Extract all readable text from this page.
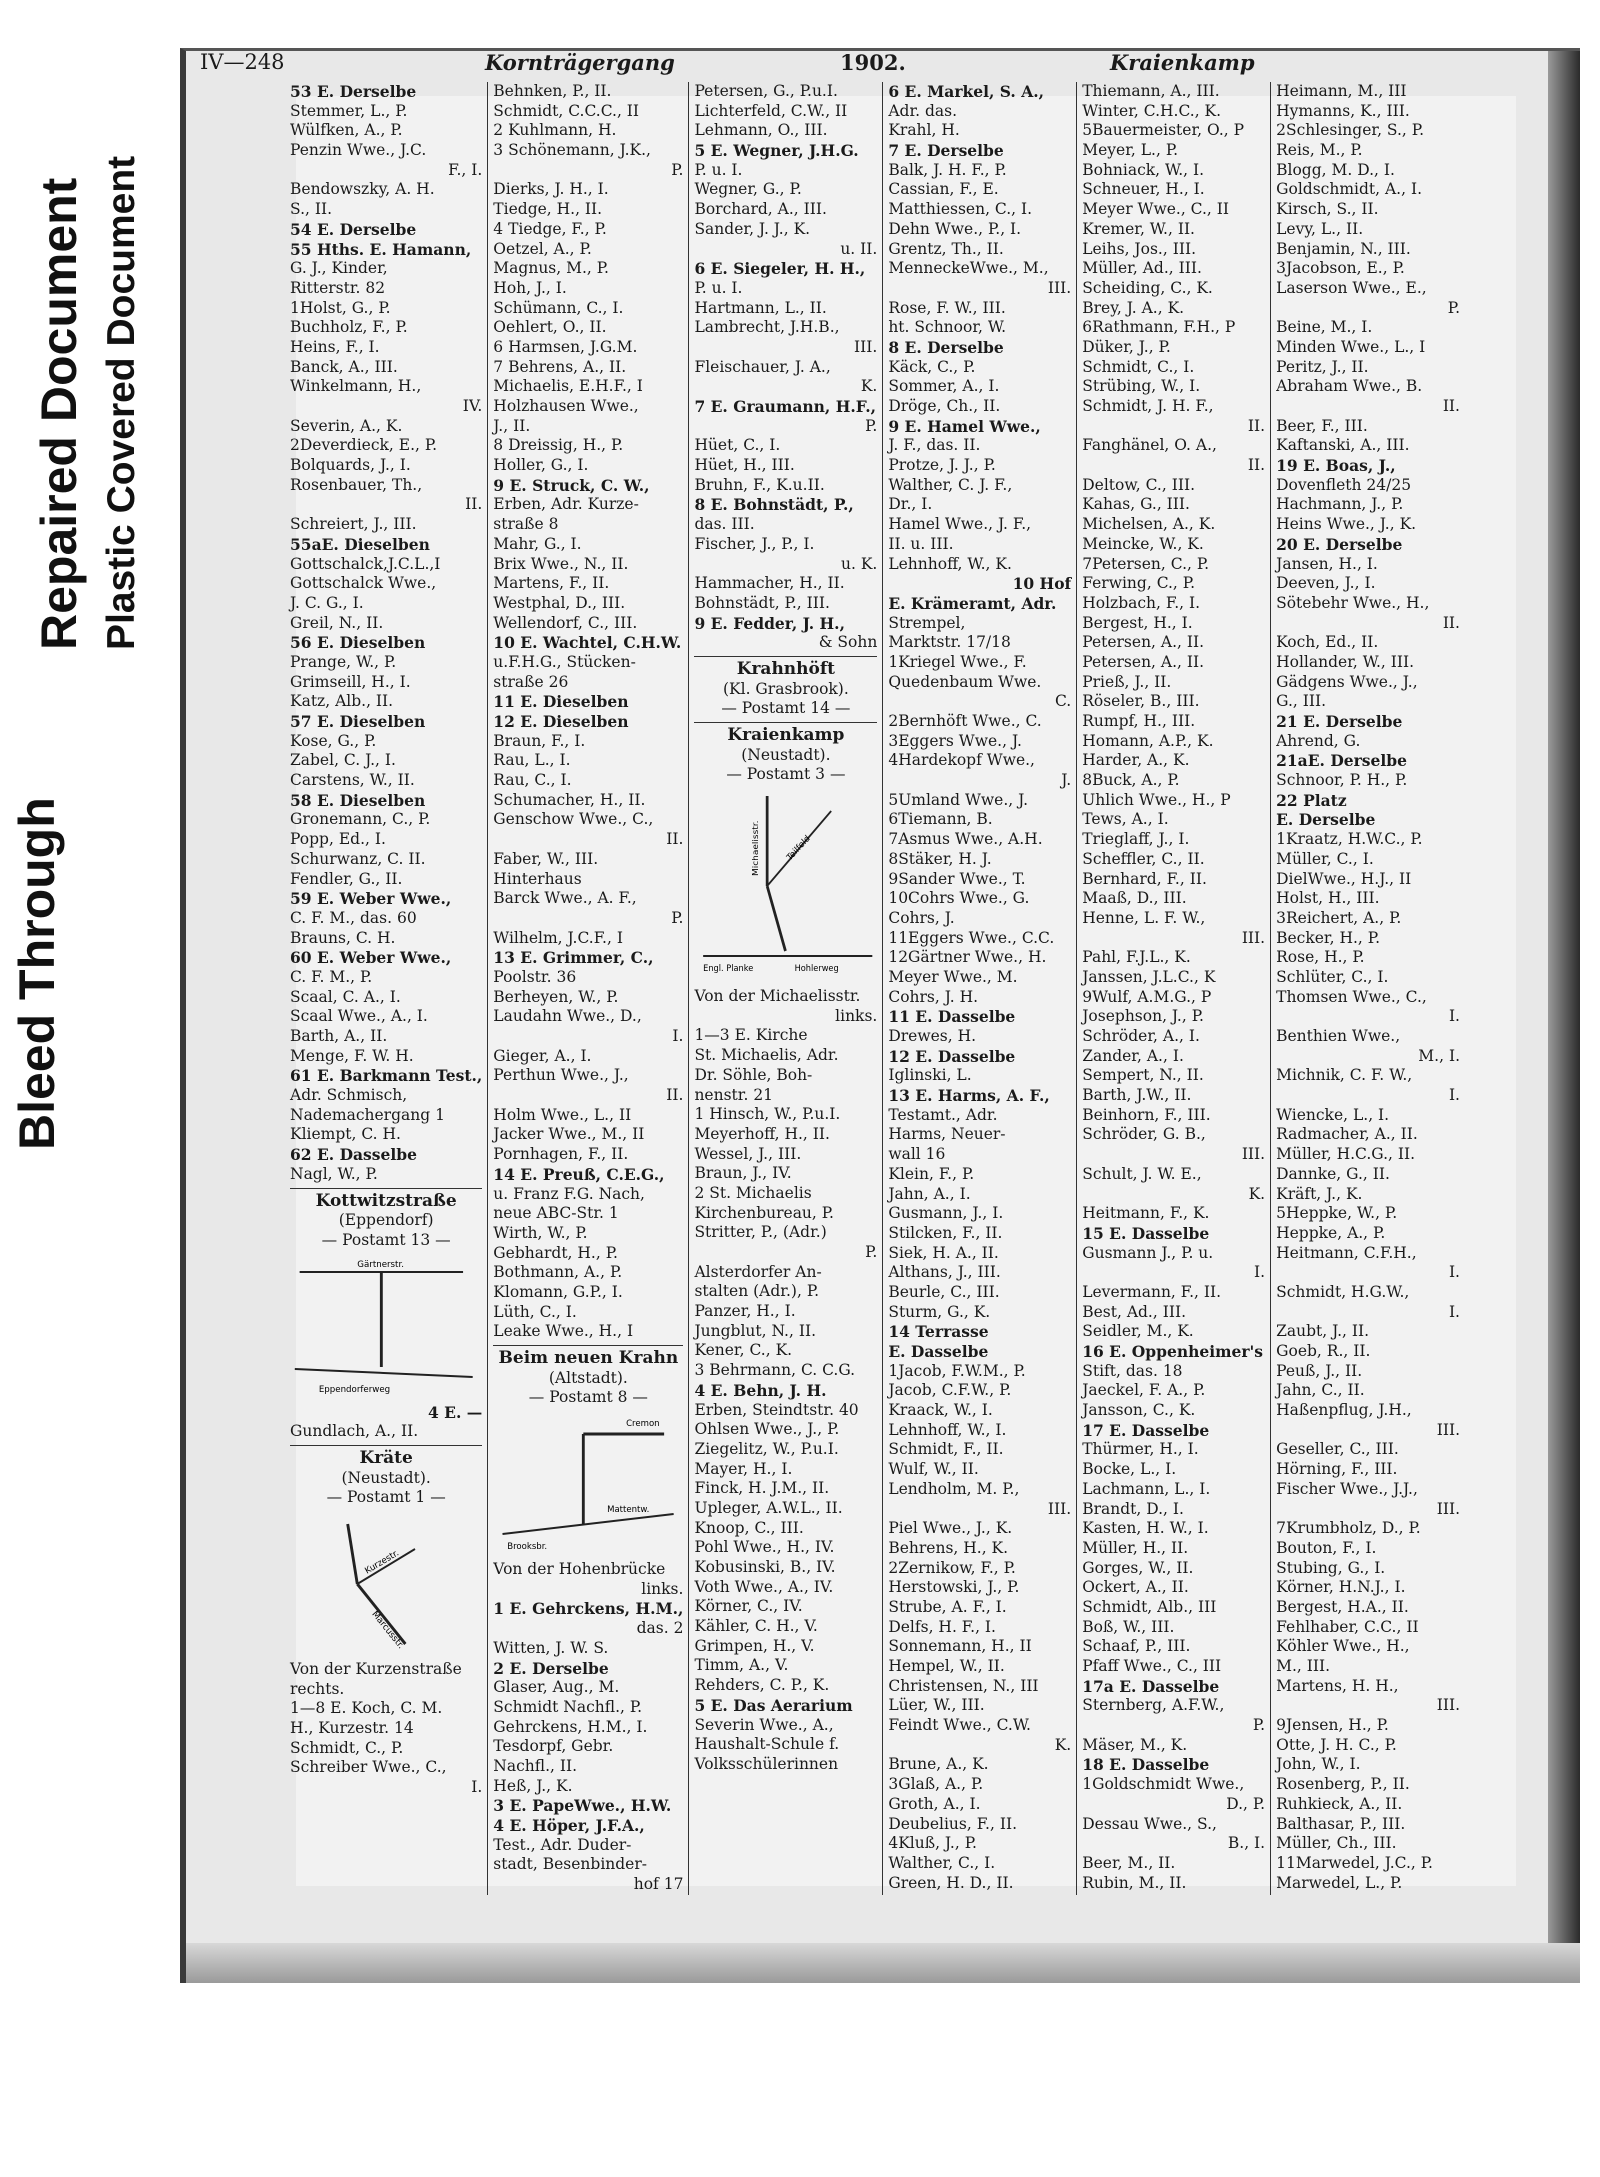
Bleed Through
Repaired Document Plastic Covered Document
IV—248	Kornträgergang	1902.	Kraienkamp
53 E. Derselbe
Stemmer, L., P.
Wülfken, A., P.
Penzin Wwe., J.C.
F., I.
Bendowszky, A. H.
S., II.
54 E. Derselbe
55 Hths. E. Hamann,
G. J., Kinder,
Ritterstr. 82
1Holst, G., P.
Buchholz, F., P.
Heins, F., I.
Banck, A., III.
Winkelmann, H.,
IV.
Severin, A., K.
2Deverdieck, E., P.
Bolquards, J., I.
Rosenbauer, Th.,
II.
Schreiert, J., III.
55aE. Dieselben
Gottschalck,J.C.L.,I
Gottschalck Wwe.,
J. C. G., I.
Greil, N., II.
56 E. Dieselben
Prange, W., P.
Grimseill, H., I.
Katz, Alb., II.
57 E. Dieselben
Kose, G., P.
Zabel, C. J., I.
Carstens, W., II.
58 E. Dieselben
Gronemann, C., P.
Popp, Ed., I.
Schurwanz, C. II.
Fendler, G., II.
59 E. Weber Wwe.,
C. F. M., das. 60
Brauns, C. H.
60 E. Weber Wwe.,
C. F. M., P.
Scaal, C. A., I.
Scaal Wwe., A., I.
Barth, A., II.
Menge, F. W. H.
61 E. Barkmann Test.,
Adr. Schmisch,
Nademachergang 1
Kliempt, C. H.
62 E. Dasselbe
Nagl, W., P.
Kottwitzstraße
(Eppendorf)
— Postamt 13 —
Gärtnerstr.
Eppendorferweg
4 E. —
Gundlach, A., II.
Kräte
(Neustadt).
— Postamt 1 —
Kurzestr.
Marcusstr.
Von der Kurzenstraße
rechts.
1—8 E. Koch, C. M.
H., Kurzestr. 14
Schmidt, C., P.
Schreiber Wwe., C.,
I.
Behnken, P., II.
Schmidt, C.C.C., II
2 Kuhlmann, H.
3 Schönemann, J.K.,
P.
Dierks, J. H., I.
Tiedge, H., II.
4 Tiedge, F., P.
Oetzel, A., P.
Magnus, M., P.
Hoh, J., I.
Schümann, C., I.
Oehlert, O., II.
6 Harmsen, J.G.M.
7 Behrens, A., II.
Michaelis, E.H.F., I
Holzhausen Wwe.,
J., II.
8 Dreissig, H., P.
Holler, G., I.
9 E. Struck, C. W.,
Erben, Adr. Kurze-
straße 8
Mahr, G., I.
Brix Wwe., N., II.
Martens, F., II.
Westphal, D., III.
Wellendorf, C., III.
10 E. Wachtel, C.H.W.
u.F.H.G., Stücken-
straße 26
11 E. Dieselben
12 E. Dieselben
Braun, F., I.
Rau, L., I.
Rau, C., I.
Schumacher, H., II.
Genschow Wwe., C.,
II.
Faber, W., III.
Hinterhaus
Barck Wwe., A. F.,
P.
Wilhelm, J.C.F., I
13 E. Grimmer, C.,
Poolstr. 36
Berheyen, W., P.
Laudahn Wwe., D.,
I.
Gieger, A., I.
Perthun Wwe., J.,
II.
Holm Wwe., L., II
Jacker Wwe., M., II
Pornhagen, F., II.
14 E. Preuß, C.E.G.,
u. Franz F.G. Nach,
neue ABC-Str. 1
Wirth, W., P.
Gebhardt, H., P.
Bothmann, A., P.
Klomann, G.P., I.
Lüth, C., I.
Leake Wwe., H., I
Beim neuen Krahn
(Altstadt).
— Postamt 8 —
Cremon
Brooksbr.
Mattentw.
Von der Hohenbrücke
links.
1 E. Gehrckens, H.M.,
das. 2
Witten, J. W. S.
2 E. Derselbe
Glaser, Aug., M.
Schmidt Nachfl., P.
Gehrckens, H.M., I.
Tesdorpf, Gebr.
Nachfl., II.
Heß, J., K.
3 E. PapeWwe., H.W.
4 E. Höper, J.F.A.,
Test., Adr. Duder-
stadt, Besenbinder-
hof 17
Petersen, G., P.u.I.
Lichterfeld, C.W., II
Lehmann, O., III.
5 E. Wegner, J.H.G.
P. u. I.
Wegner, G., P.
Borchard, A., III.
Sander, J. J., K.
u. II.
6 E. Siegeler, H. H.,
P. u. I.
Hartmann, L., II.
Lambrecht, J.H.B.,
III.
Fleischauer, J. A.,
K.
7 E. Graumann, H.F.,
P.
Hüet, C., I.
Hüet, H., III.
Bruhn, F., K.u.II.
8 E. Bohnstädt, P.,
das. III.
Fischer, J., P., I.
u. K.
Hammacher, H., II.
Bohnstädt, P., III.
9 E. Fedder, J. H.,
& Sohn
Krahnhöft
(Kl. Grasbrook).
— Postamt 14 —
Kraienkamp
(Neustadt).
— Postamt 3 —
Michaelisstr.	Teilfeld
Engl. Planke	Hohlerweg
Von der Michaelisstr.
links.
1—3 E. Kirche
St. Michaelis, Adr.
Dr. Söhle, Boh-
nenstr. 21
1 Hinsch, W., P.u.I.
Meyerhoff, H., II.
Wessel, J., III.
Braun, J., IV.
2 St. Michaelis
Kirchenbureau, P.
Stritter, P., (Adr.)
P.
Alsterdorfer An-
stalten (Adr.), P.
Panzer, H., I.
Jungblut, N., II.
Kener, C., K.
3 Behrmann, C. C.G.
4 E. Behn, J. H.
Erben, Steindtstr. 40
Ohlsen Wwe., J., P.
Ziegelitz, W., P.u.I.
Mayer, H., I.
Finck, H. J.M., II.
Upleger, A.W.L., II.
Knoop, C., III.
Pohl Wwe., H., IV.
Kobusinski, B., IV.
Voth Wwe., A., IV.
Körner, C., IV.
Kähler, C. H., V.
Grimpen, H., V.
Timm, A., V.
Rehders, C. P., K.
5 E. Das Aerarium
Severin Wwe., A.,
Haushalt-Schule f.
Volksschülerinnen
6 E. Markel, S. A.,
Adr. das.
Krahl, H.
7 E. Derselbe
Balk, J. H. F., P.
Cassian, F., E.
Matthiessen, C., I.
Dehn Wwe., P., I.
Grentz, Th., II.
MenneckeWwe., M.,
III.
Rose, F. W., III.
ht. Schnoor, W.
8 E. Derselbe
Käck, C., P.
Sommer, A., I.
Dröge, Ch., II.
9 E. Hamel Wwe.,
J. F., das. II.
Protze, J. J., P.
Walther, C. J. F.,
Dr., I.
Hamel Wwe., J. F.,
II. u. III.
Lehnhoff, W., K.
10 Hof
E. Krämeramt, Adr.
Strempel,
Marktstr. 17/18
1Kriegel Wwe., F.
Quedenbaum Wwe.
C.
2Bernhöft Wwe., C.
3Eggers Wwe., J.
4Hardekopf Wwe.,
J.
5Umland Wwe., J.
6Tiemann, B.
7Asmus Wwe., A.H.
8Stäker, H. J.
9Sander Wwe., T.
10Cohrs Wwe., G.
Cohrs, J.
11Eggers Wwe., C.C.
12Gärtner Wwe., H.
Meyer Wwe., M.
Cohrs, J. H.
11 E. Dasselbe
Drewes, H.
12 E. Dasselbe
Iglinski, L.
13 E. Harms, A. F.,
Testamt., Adr.
Harms, Neuer-
wall 16
Klein, F., P.
Jahn, A., I.
Gusmann, J., I.
Stilcken, F., II.
Siek, H. A., II.
Althans, J., III.
Beurle, C., III.
Sturm, G., K.
14 Terrasse
E. Dasselbe
1Jacob, F.W.M., P.
Jacob, C.F.W., P.
Kraack, W., I.
Lehnhoff, W., I.
Schmidt, F., II.
Wulf, W., II.
Lendholm, M. P.,
III.
Piel Wwe., J., K.
Behrens, H., K.
2Zernikow, F., P.
Herstowski, J., P.
Strube, A. F., I.
Delfs, H. F., I.
Sonnemann, H., II
Hempel, W., II.
Christensen, N., III
Lüer, W., III.
Feindt Wwe., C.W.
K.
Brune, A., K.
3Glaß, A., P.
Groth, A., I.
Deubelius, F., II.
4Kluß, J., P.
Walther, C., I.
Green, H. D., II.
Thiemann, A., III.
Winter, C.H.C., K.
5Bauermeister, O., P
Meyer, L., P.
Bohniack, W., I.
Schneuer, H., I.
Meyer Wwe., C., II
Kremer, W., II.
Leihs, Jos., III.
Müller, Ad., III.
Scheiding, C., K.
Brey, J. A., K.
6Rathmann, F.H., P
Düker, J., P.
Schmidt, C., I.
Strübing, W., I.
Schmidt, J. H. F.,
II.
Fanghänel, O. A.,
II.
Deltow, C., III.
Kahas, G., III.
Michelsen, A., K.
Meincke, W., K.
7Petersen, C., P.
Ferwing, C., P.
Holzbach, F., I.
Bergest, H., I.
Petersen, A., II.
Petersen, A., II.
Prieß, J., II.
Röseler, B., III.
Rumpf, H., III.
Homann, A.P., K.
Harder, A., K.
8Buck, A., P.
Uhlich Wwe., H., P
Tews, A., I.
Trieglaff, J., I.
Scheffler, C., II.
Bernhard, F., II.
Maaß, D., III.
Henne, L. F. W.,
III.
Pahl, F.J.L., K.
Janssen, J.L.C., K
9Wulf, A.M.G., P
Josephson, J., P.
Schröder, A., I.
Zander, A., I.
Sempert, N., II.
Barth, J.W., II.
Beinhorn, F., III.
Schröder, G. B.,
III.
Schult, J. W. E.,
K.
Heitmann, F., K.
15 E. Dasselbe
Gusmann J., P. u.
I.
Levermann, F., II.
Best, Ad., III.
Seidler, M., K.
16 E. Oppenheimer's
Stift, das. 18
Jaeckel, F. A., P.
Jansson, C., K.
17 E. Dasselbe
Thürmer, H., I.
Bocke, L., I.
Lachmann, L., I.
Brandt, D., I.
Kasten, H. W., I.
Müller, H., II.
Gorges, W., II.
Ockert, A., II.
Schmidt, Alb., III
Boß, W., III.
Schaaf, P., III.
Pfaff Wwe., C., III
17a E. Dasselbe
Sternberg, A.F.W.,
P.
Mäser, M., K.
18 E. Dasselbe
1Goldschmidt Wwe.,
D., P.
Dessau Wwe., S.,
B., I.
Beer, M., II.
Rubin, M., II.
Heimann, M., III
Hymanns, K., III.
2Schlesinger, S., P.
Reis, M., P.
Blogg, M. D., I.
Goldschmidt, A., I.
Kirsch, S., II.
Levy, L., II.
Benjamin, N., III.
3Jacobson, E., P.
Laserson Wwe., E.,
P.
Beine, M., I.
Minden Wwe., L., I
Peritz, J., II.
Abraham Wwe., B.
II.
Beer, F., III.
Kaftanski, A., III.
19 E. Boas, J.,
Dovenfleth 24/25
Hachmann, J., P.
Heins Wwe., J., K.
20 E. Derselbe
Jansen, H., I.
Deeven, J., I.
Sötebehr Wwe., H.,
II.
Koch, Ed., II.
Hollander, W., III.
Gädgens Wwe., J.,
G., III.
21 E. Derselbe
Ahrend, G.
21aE. Derselbe
Schnoor, P. H., P.
22 Platz
E. Derselbe
1Kraatz, H.W.C., P.
Müller, C., I.
DielWwe., H.J., II
Holst, H., III.
3Reichert, A., P.
Becker, H., P.
Rose, H., P.
Schlüter, C., I.
Thomsen Wwe., C.,
I.
Benthien Wwe.,
M., I.
Michnik, C. F. W.,
I.
Wiencke, L., I.
Radmacher, A., II.
Müller, H.C.G., II.
Dannke, G., II.
Kräft, J., K.
5Heppke, W., P.
Heppke, A., P.
Heitmann, C.F.H.,
I.
Schmidt, H.G.W.,
I.
Zaubt, J., II.
Goeb, R., II.
Peuß, J., II.
Jahn, C., II.
Haßenpflug, J.H.,
III.
Geseller, C., III.
Hörning, F., III.
Fischer Wwe., J.J.,
III.
7Krumbholz, D., P.
Bouton, F., I.
Stubing, G., I.
Körner, H.N.J., I.
Bergest, H.A., II.
Fehlhaber, C.C., II
Köhler Wwe., H.,
M., III.
Martens, H. H.,
III.
9Jensen, H., P.
Otte, J. H. C., P.
John, W., I.
Rosenberg, P., II.
Ruhkieck, A., II.
Balthasar, P., III.
Müller, Ch., III.
11Marwedel, J.C., P.
Marwedel, L., P.
